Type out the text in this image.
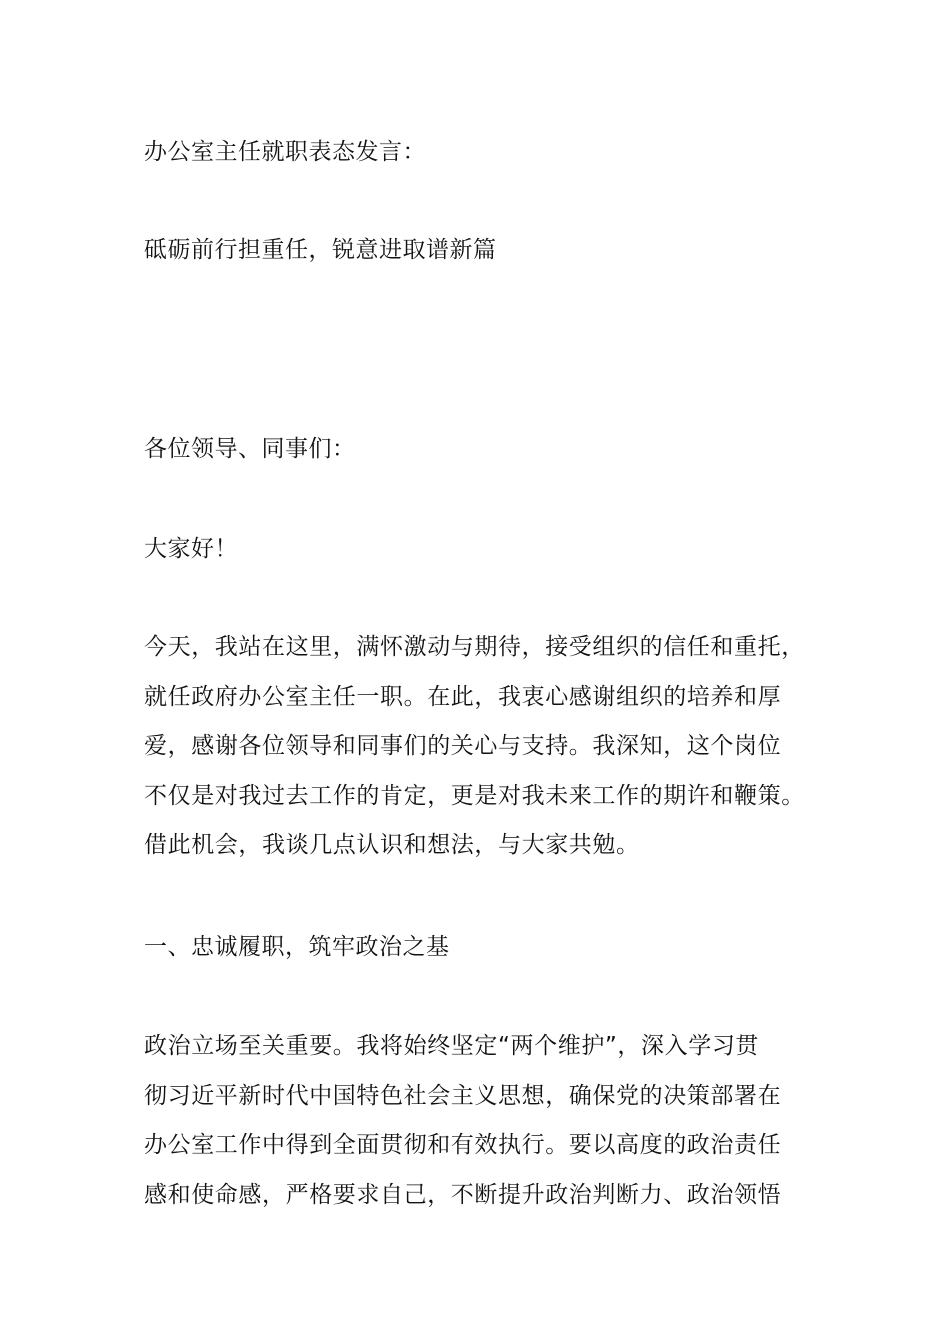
办公室主任就职表态发言：
砥砺前行担重任，锐意进取谱新篇
各位领导、同事们：
大家好！
今天，我站在这里，满怀激动与期待，接受组织的信任和重托，
就任政府办公室主任一职。在此，我衷心感谢组织的培养和厚
爱，感谢各位领导和同事们的关心与支持。我深知，这个岗位
不仅是对我过去工作的肯定，更是对我未来工作的期许和鞭策。
借此机会，我谈几点认识和想法，与大家共勉。
一、忠诚履职，筑牢政治之基
政治立场至关重要。我将始终坚定“两个维护”，深入学习贯
彻习近平新时代中国特色社会主义思想，确保党的决策部署在
办公室工作中得到全面贯彻和有效执行。要以高度的政治责任
感和使命感，严格要求自己，不断提升政治判断力、政治领悟
